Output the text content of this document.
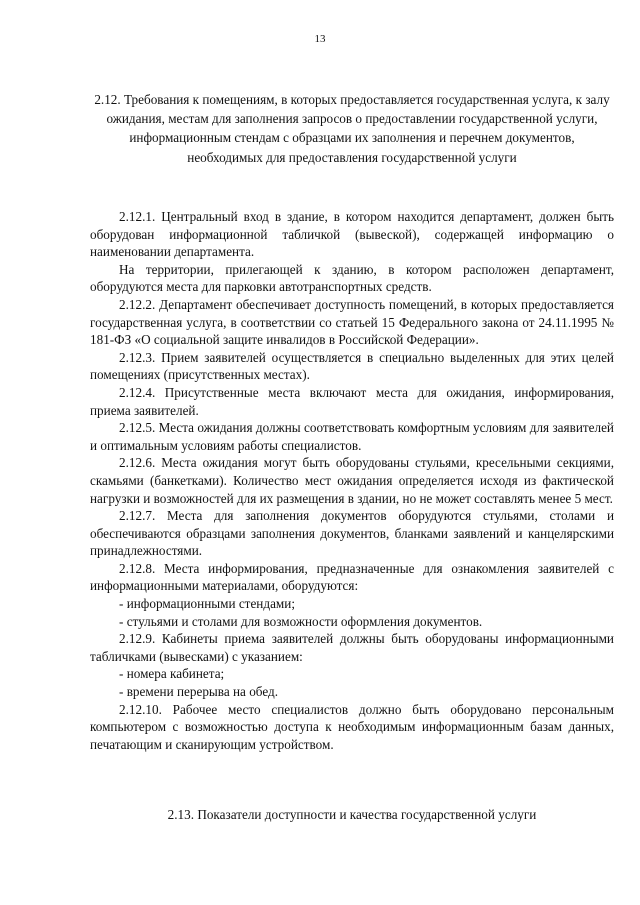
13
2.12. Требования к помещениям, в которых предоставляется государственная услуга, к залу ожидания, местам для заполнения запросов о предоставлении государственной услуги, информационным стендам с образцами их заполнения и перечнем документов, необходимых для предоставления государственной услуги

2.12.1. Центральный вход в здание, в котором находится департамент, должен быть оборудован информационной табличкой (вывеской), содержащей информацию о наименовании департамента.

На территории, прилегающей к зданию, в котором расположен департамент, оборудуются места для парковки автотранспортных средств.

2.12.2. Департамент обеспечивает доступность помещений, в которых предоставляется государственная услуга, в соответствии со статьей 15 Федерального закона от 24.11.1995 № 181-ФЗ «О социальной защите инвалидов в Российской Федерации».

2.12.3. Прием заявителей осуществляется в специально выделенных для этих целей помещениях (присутственных местах).

2.12.4. Присутственные места включают места для ожидания, информирования, приема заявителей.

2.12.5. Места ожидания должны соответствовать комфортным условиям для заявителей и оптимальным условиям работы специалистов.

2.12.6. Места ожидания могут быть оборудованы стульями, кресельными секциями, скамьями (банкетками). Количество мест ожидания определяется исходя из фактической нагрузки и возможностей для их размещения в здании, но не может составлять менее 5 мест.

2.12.7. Места для заполнения документов оборудуются стульями, столами и обеспечиваются образцами заполнения документов, бланками заявлений и канцелярскими принадлежностями.

2.12.8. Места информирования, предназначенные для ознакомления заявителей с информационными материалами, оборудуются:

- информационными стендами;

- стульями и столами для возможности оформления документов.

2.12.9. Кабинеты приема заявителей должны быть оборудованы информационными табличками (вывесками) с указанием:

- номера кабинета;

- времени перерыва на обед.

2.12.10. Рабочее место специалистов должно быть оборудовано персональным компьютером с возможностью доступа к необходимым информационным базам данных, печатающим и сканирующим устройством.

2.13. Показатели доступности и качества государственной услуги
